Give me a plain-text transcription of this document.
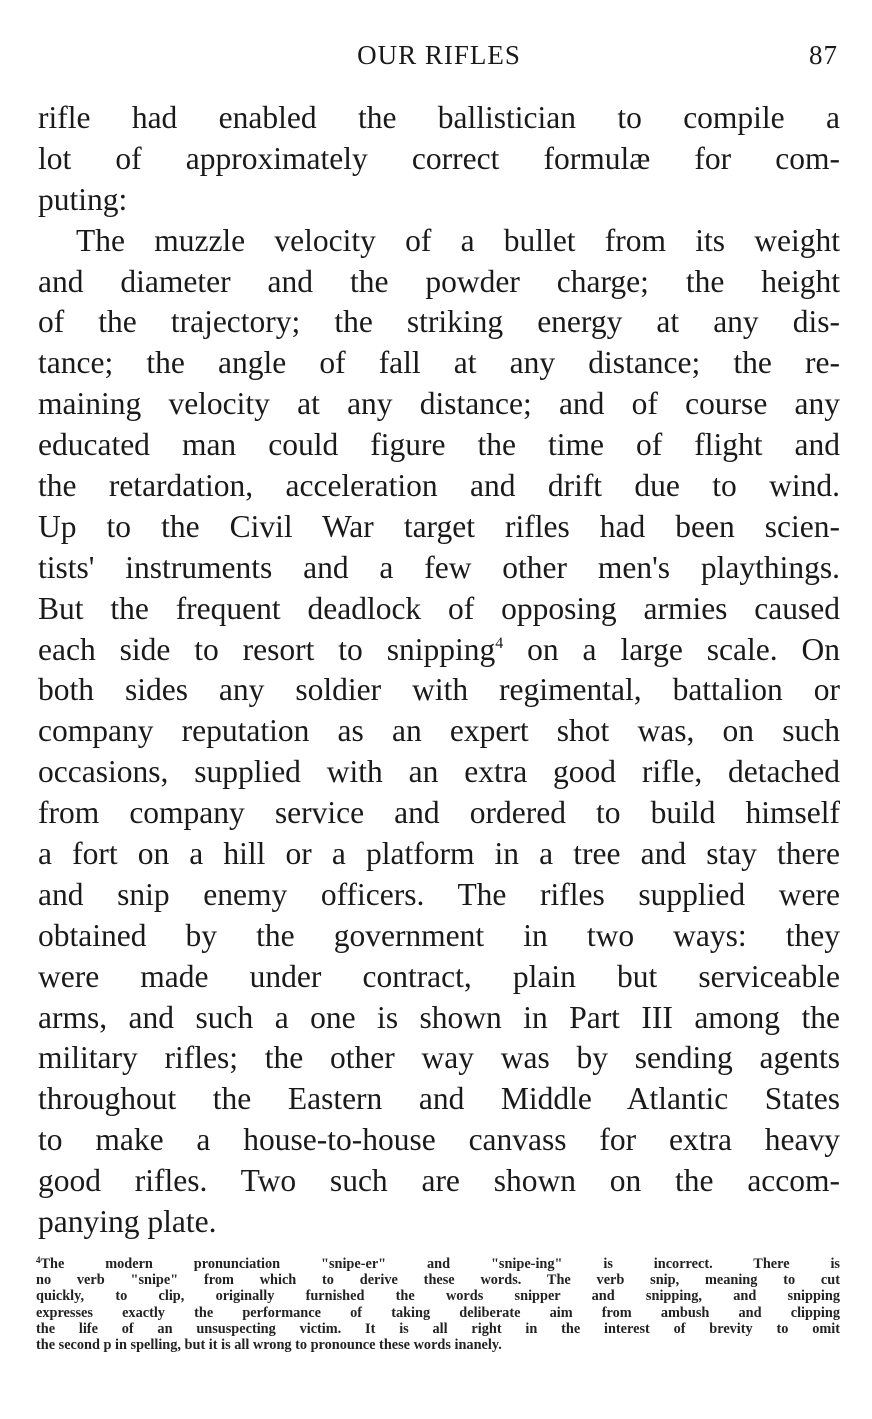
OUR RIFLES	87
rifle had enabled the ballistician to compile a
lot of approximately correct formulæ for com-
puting:
The muzzle velocity of a bullet from its weight
and diameter and the powder charge; the height
of the trajectory; the striking energy at any dis-
tance; the angle of fall at any distance; the re-
maining velocity at any distance; and of course any
educated man could figure the time of flight and
the retardation, acceleration and drift due to wind.
Up to the Civil War target rifles had been scien-
tists' instruments and a few other men's playthings.
But the frequent deadlock of opposing armies caused
each side to resort to snipping$^4$ on a large scale. On
both sides any soldier with regimental, battalion or
company reputation as an expert shot was, on such
occasions, supplied with an extra good rifle, detached
from company service and ordered to build himself
a fort on a hill or a platform in a tree and stay there
and snip enemy officers. The rifles supplied were
obtained by the government in two ways: they
were made under contract, plain but serviceable
arms, and such a one is shown in Part III among the
military rifles; the other way was by sending agents
throughout the Eastern and Middle Atlantic States
to make a house-to-house canvass for extra heavy
good rifles. Two such are shown on the accom-
panying plate.
$^4$The modern pronunciation "snipe-er" and "snipe-ing" is incorrect. There is
no verb "snipe" from which to derive these words. The verb snip, meaning to cut
quickly, to clip, originally furnished the words snipper and snipping, and snipping
expresses exactly the performance of taking deliberate aim from ambush and clipping
the life of an unsuspecting victim. It is all right in the interest of brevity to omit
the second p in spelling, but it is all wrong to pronounce these words inanely.
